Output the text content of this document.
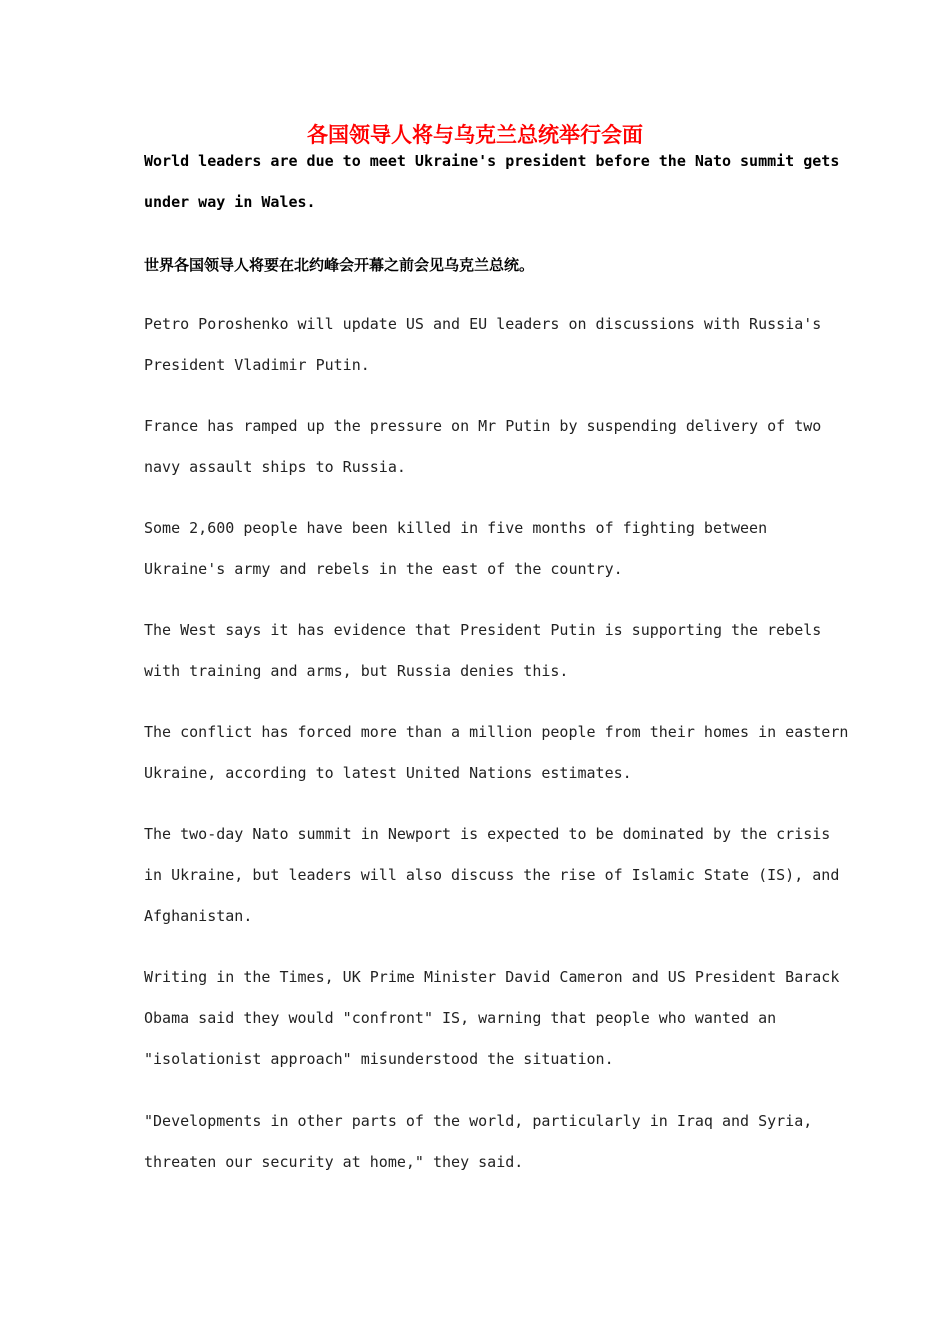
各国领导人将与乌克兰总统举行会面
World leaders are due to meet Ukraine's president before the Nato summit gets
under way in Wales.
世界各国领导人将要在北约峰会开幕之前会见乌克兰总统。
Petro Poroshenko will update US and EU leaders on discussions with Russia's
President Vladimir Putin.
France has ramped up the pressure on Mr Putin by suspending delivery of two
navy assault ships to Russia.
Some 2,600 people have been killed in five months of fighting between
Ukraine's army and rebels in the east of the country.
The West says it has evidence that President Putin is supporting the rebels
with training and arms, but Russia denies this.
The conflict has forced more than a million people from their homes in eastern
Ukraine, according to latest United Nations estimates.
The two-day Nato summit in Newport is expected to be dominated by the crisis
in Ukraine, but leaders will also discuss the rise of Islamic State (IS), and
Afghanistan.
Writing in the Times, UK Prime Minister David Cameron and US President Barack
Obama said they would "confront" IS, warning that people who wanted an
"isolationist approach" misunderstood the situation.
"Developments in other parts of the world, particularly in Iraq and Syria,
threaten our security at home," they said.
